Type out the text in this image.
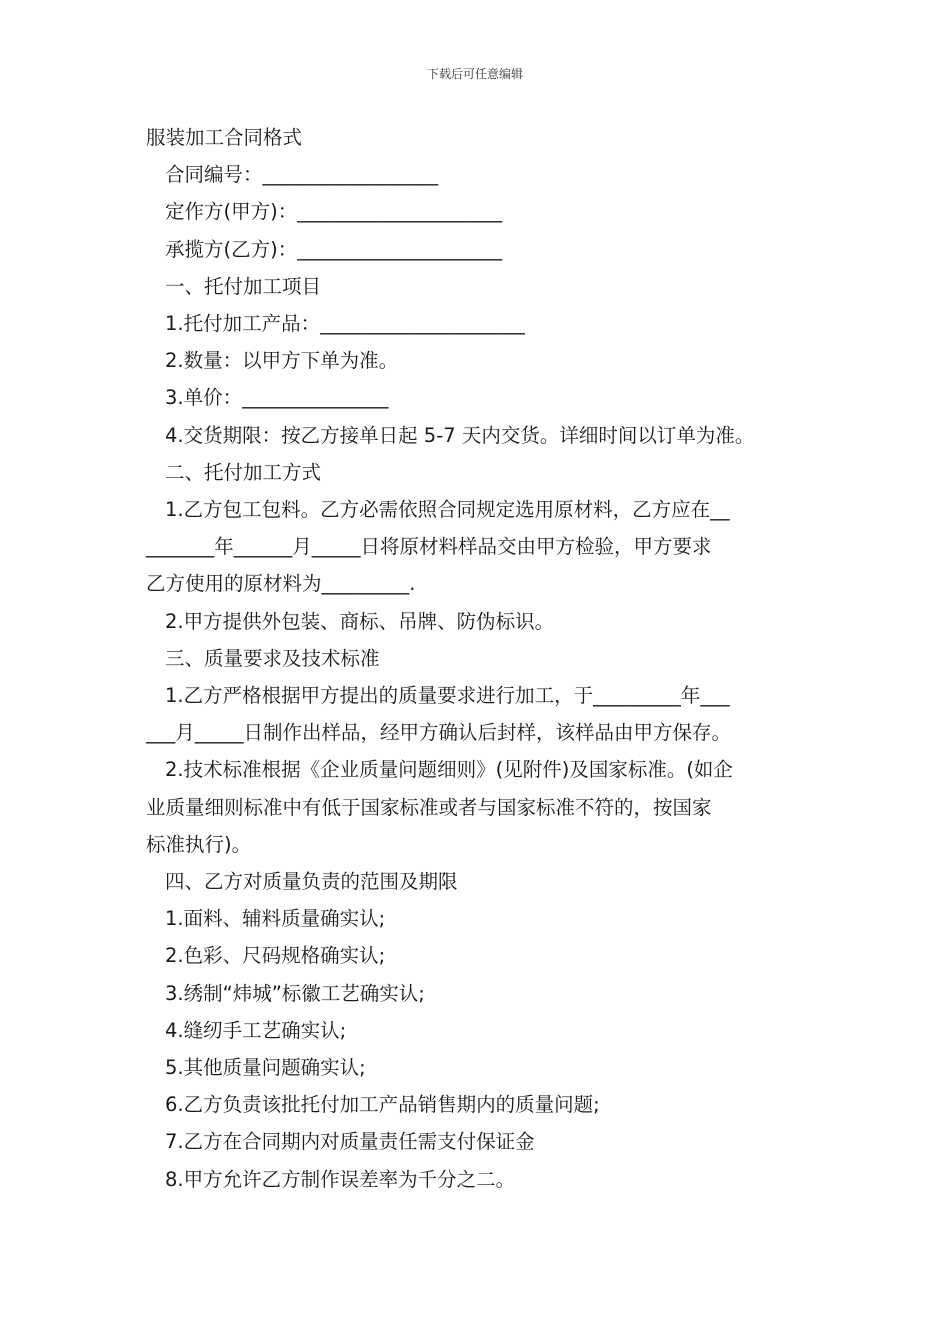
下载后可任意编辑
服装加工合同格式
合同编号：__________________
定作方(甲方)：_____________________
承揽方(乙方)：_____________________
一、托付加工项目
1.托付加工产品：_____________________
2.数量：以甲方下单为准。
3.单价：_______________
4.交货期限：按乙方接单日起 5-7 天内交货。详细时间以订单为准。
二、托付加工方式
1.乙方包工包料。乙方必需依照合同规定选用原材料，乙方应在__
_______年______月_____日将原材料样品交由甲方检验，甲方要求
乙方使用的原材料为_________.
2.甲方提供外包装、商标、吊牌、防伪标识。
三、质量要求及技术标准
1.乙方严格根据甲方提出的质量要求进行加工，于_________年___
___月_____日制作出样品，经甲方确认后封样，该样品由甲方保存。
2.技术标准根据《企业质量问题细则》(见附件)及国家标准。(如企
业质量细则标准中有低于国家标准或者与国家标准不符的，按国家
标准执行)。
四、乙方对质量负责的范围及期限
1.面料、辅料质量确实认;
2.色彩、尺码规格确实认;
3.绣制“炜城”标徽工艺确实认;
4.缝纫手工艺确实认;
5.其他质量问题确实认;
6.乙方负责该批托付加工产品销售期内的质量问题;
7.乙方在合同期内对质量责任需支付保证金
8.甲方允许乙方制作误差率为千分之二。
